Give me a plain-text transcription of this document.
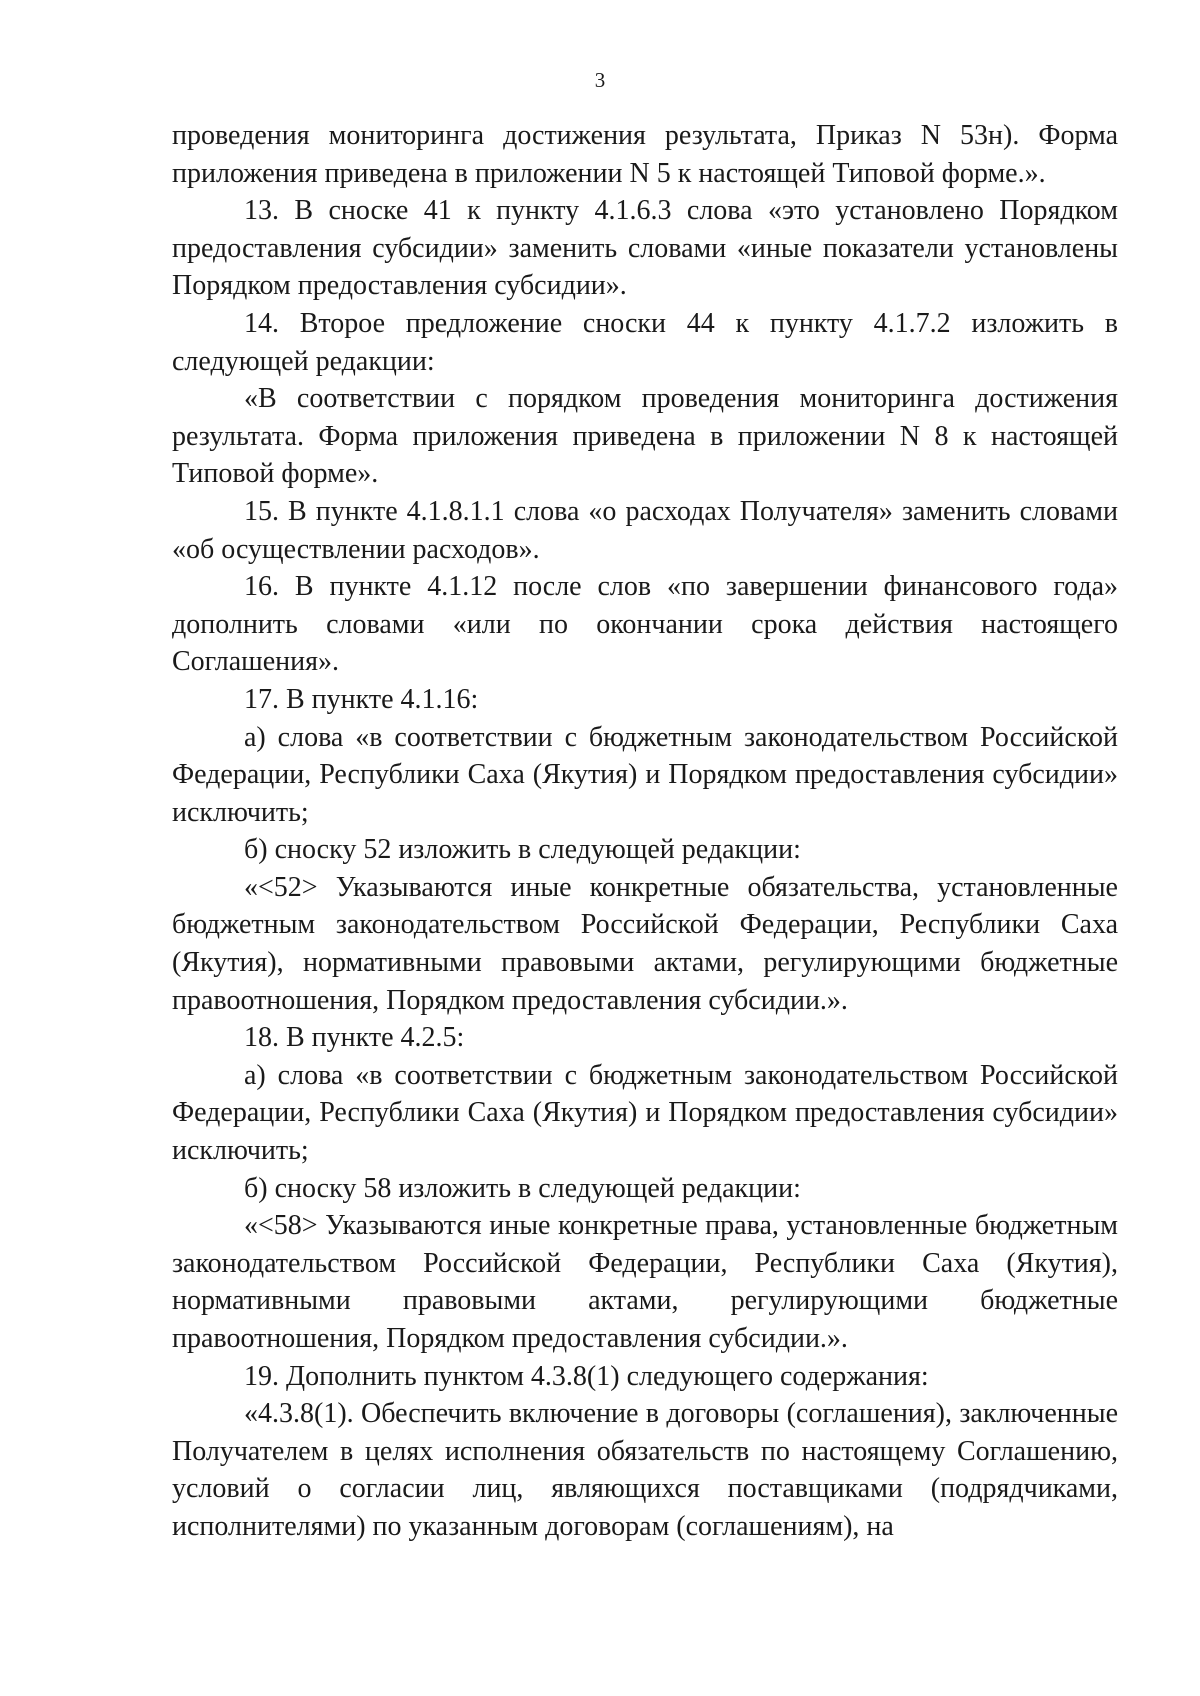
3

проведения мониторинга достижения результата, Приказ N 53н). Форма приложения приведена в приложении N 5 к настоящей Типовой форме.».

13. В сноске 41 к пункту 4.1.6.3 слова «это установлено Порядком предоставления субсидии» заменить словами «иные показатели установлены Порядком предоставления субсидии».

14. Второе предложение сноски 44 к пункту 4.1.7.2 изложить в следующей редакции:

«В соответствии с порядком проведения мониторинга достижения результата. Форма приложения приведена в приложении N 8 к настоящей Типовой форме».

15. В пункте 4.1.8.1.1 слова «о расходах Получателя» заменить словами «об осуществлении расходов».

16. В пункте 4.1.12 после слов «по завершении финансового года» дополнить словами «или по окончании срока действия настоящего Соглашения».

17. В пункте 4.1.16:

а) слова «в соответствии с бюджетным законодательством Российской Федерации, Республики Саха (Якутия) и Порядком предоставления субсидии» исключить;

б) сноску 52 изложить в следующей редакции:

«<52> Указываются иные конкретные обязательства, установленные бюджетным законодательством Российской Федерации, Республики Саха (Якутия), нормативными правовыми актами, регулирующими бюджетные правоотношения, Порядком предоставления субсидии.».

18. В пункте 4.2.5:

а) слова «в соответствии с бюджетным законодательством Российской Федерации, Республики Саха (Якутия) и Порядком предоставления субсидии» исключить;

б) сноску 58 изложить в следующей редакции:

«<58> Указываются иные конкретные права, установленные бюджетным законодательством Российской Федерации, Республики Саха (Якутия), нормативными правовыми актами, регулирующими бюджетные правоотношения, Порядком предоставления субсидии.».

19. Дополнить пунктом 4.3.8(1) следующего содержания:

«4.3.8(1). Обеспечить включение в договоры (соглашения), заключенные Получателем в целях исполнения обязательств по настоящему Соглашению, условий о согласии лиц, являющихся поставщиками (подрядчиками, исполнителями) по указанным договорам (соглашениям), на
